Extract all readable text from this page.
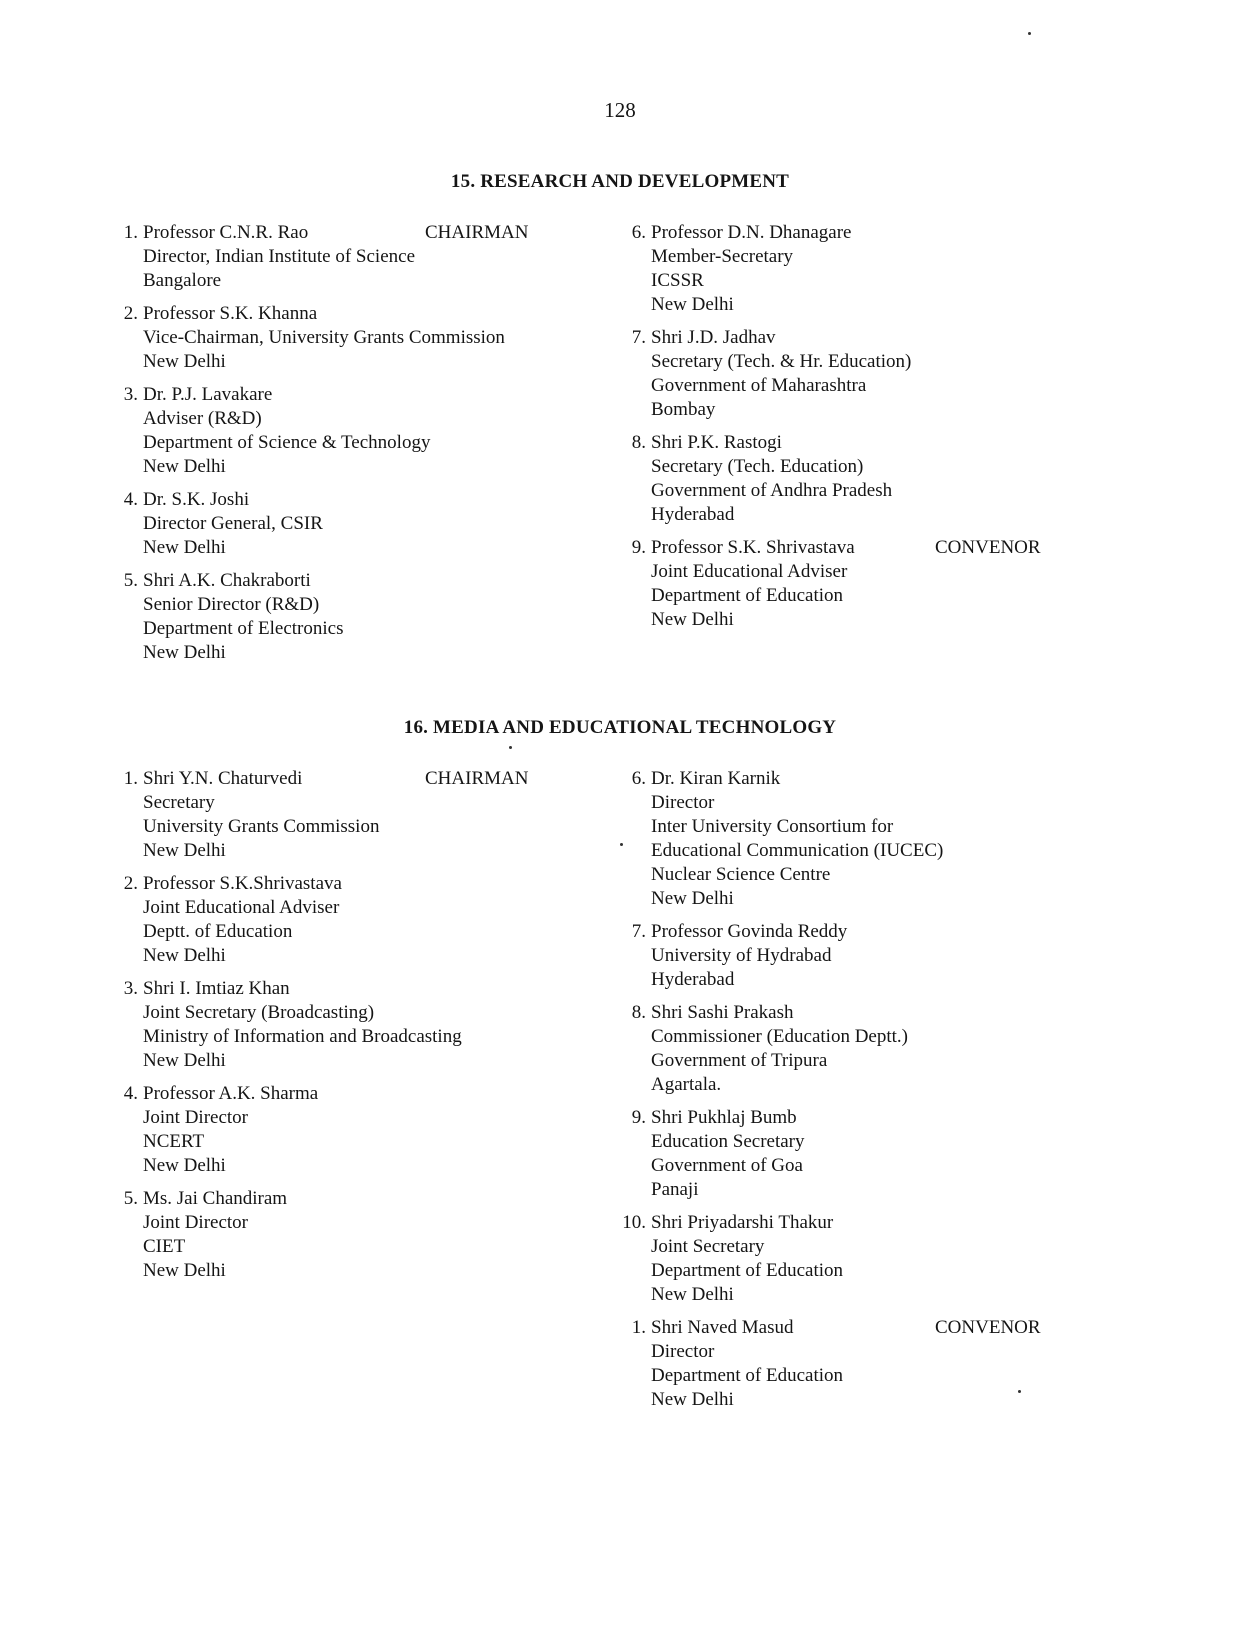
128
15. RESEARCH AND DEVELOPMENT
1. Professor C.N.R. Rao
Director, Indian Institute of Science
Bangalore
CHAIRMAN
2. Professor S.K. Khanna
Vice-Chairman, University Grants Commission
New Delhi
3. Dr. P.J. Lavakare
Adviser (R&D)
Department of Science & Technology
New Delhi
4. Dr. S.K. Joshi
Director General, CSIR
New Delhi
5. Shri A.K. Chakraborti
Senior Director (R&D)
Department of Electronics
New Delhi
6. Professor D.N. Dhanagare
Member-Secretary
ICSSR
New Delhi
7. Shri J.D. Jadhav
Secretary (Tech. & Hr. Education)
Government of Maharashtra
Bombay
8. Shri P.K. Rastogi
Secretary (Tech. Education)
Government of Andhra Pradesh
Hyderabad
9. Professor S.K. Shrivastava
Joint Educational Adviser
Department of Education
New Delhi
CONVENOR
16. MEDIA AND EDUCATIONAL TECHNOLOGY
1. Shri Y.N. Chaturvedi
Secretary
University Grants Commission
New Delhi
CHAIRMAN
2. Professor S.K.Shrivastava
Joint Educational Adviser
Deptt. of Education
New Delhi
3. Shri I. Imtiaz Khan
Joint Secretary (Broadcasting)
Ministry of Information and Broadcasting
New Delhi
4. Professor A.K. Sharma
Joint Director
NCERT
New Delhi
5. Ms. Jai Chandiram
Joint Director
CIET
New Delhi
6. Dr. Kiran Karnik
Director
Inter University Consortium for
Educational Communication (IUCEC)
Nuclear Science Centre
New Delhi
7. Professor Govinda Reddy
University of Hydrabad
Hyderabad
8. Shri Sashi Prakash
Commissioner (Education Deptt.)
Government of Tripura
Agartala.
9. Shri Pukhlaj Bumb
Education Secretary
Government of Goa
Panaji
10. Shri Priyadarshi Thakur
Joint Secretary
Department of Education
New Delhi
1. Shri Naved Masud
Director
Department of Education
New Delhi
CONVENOR
